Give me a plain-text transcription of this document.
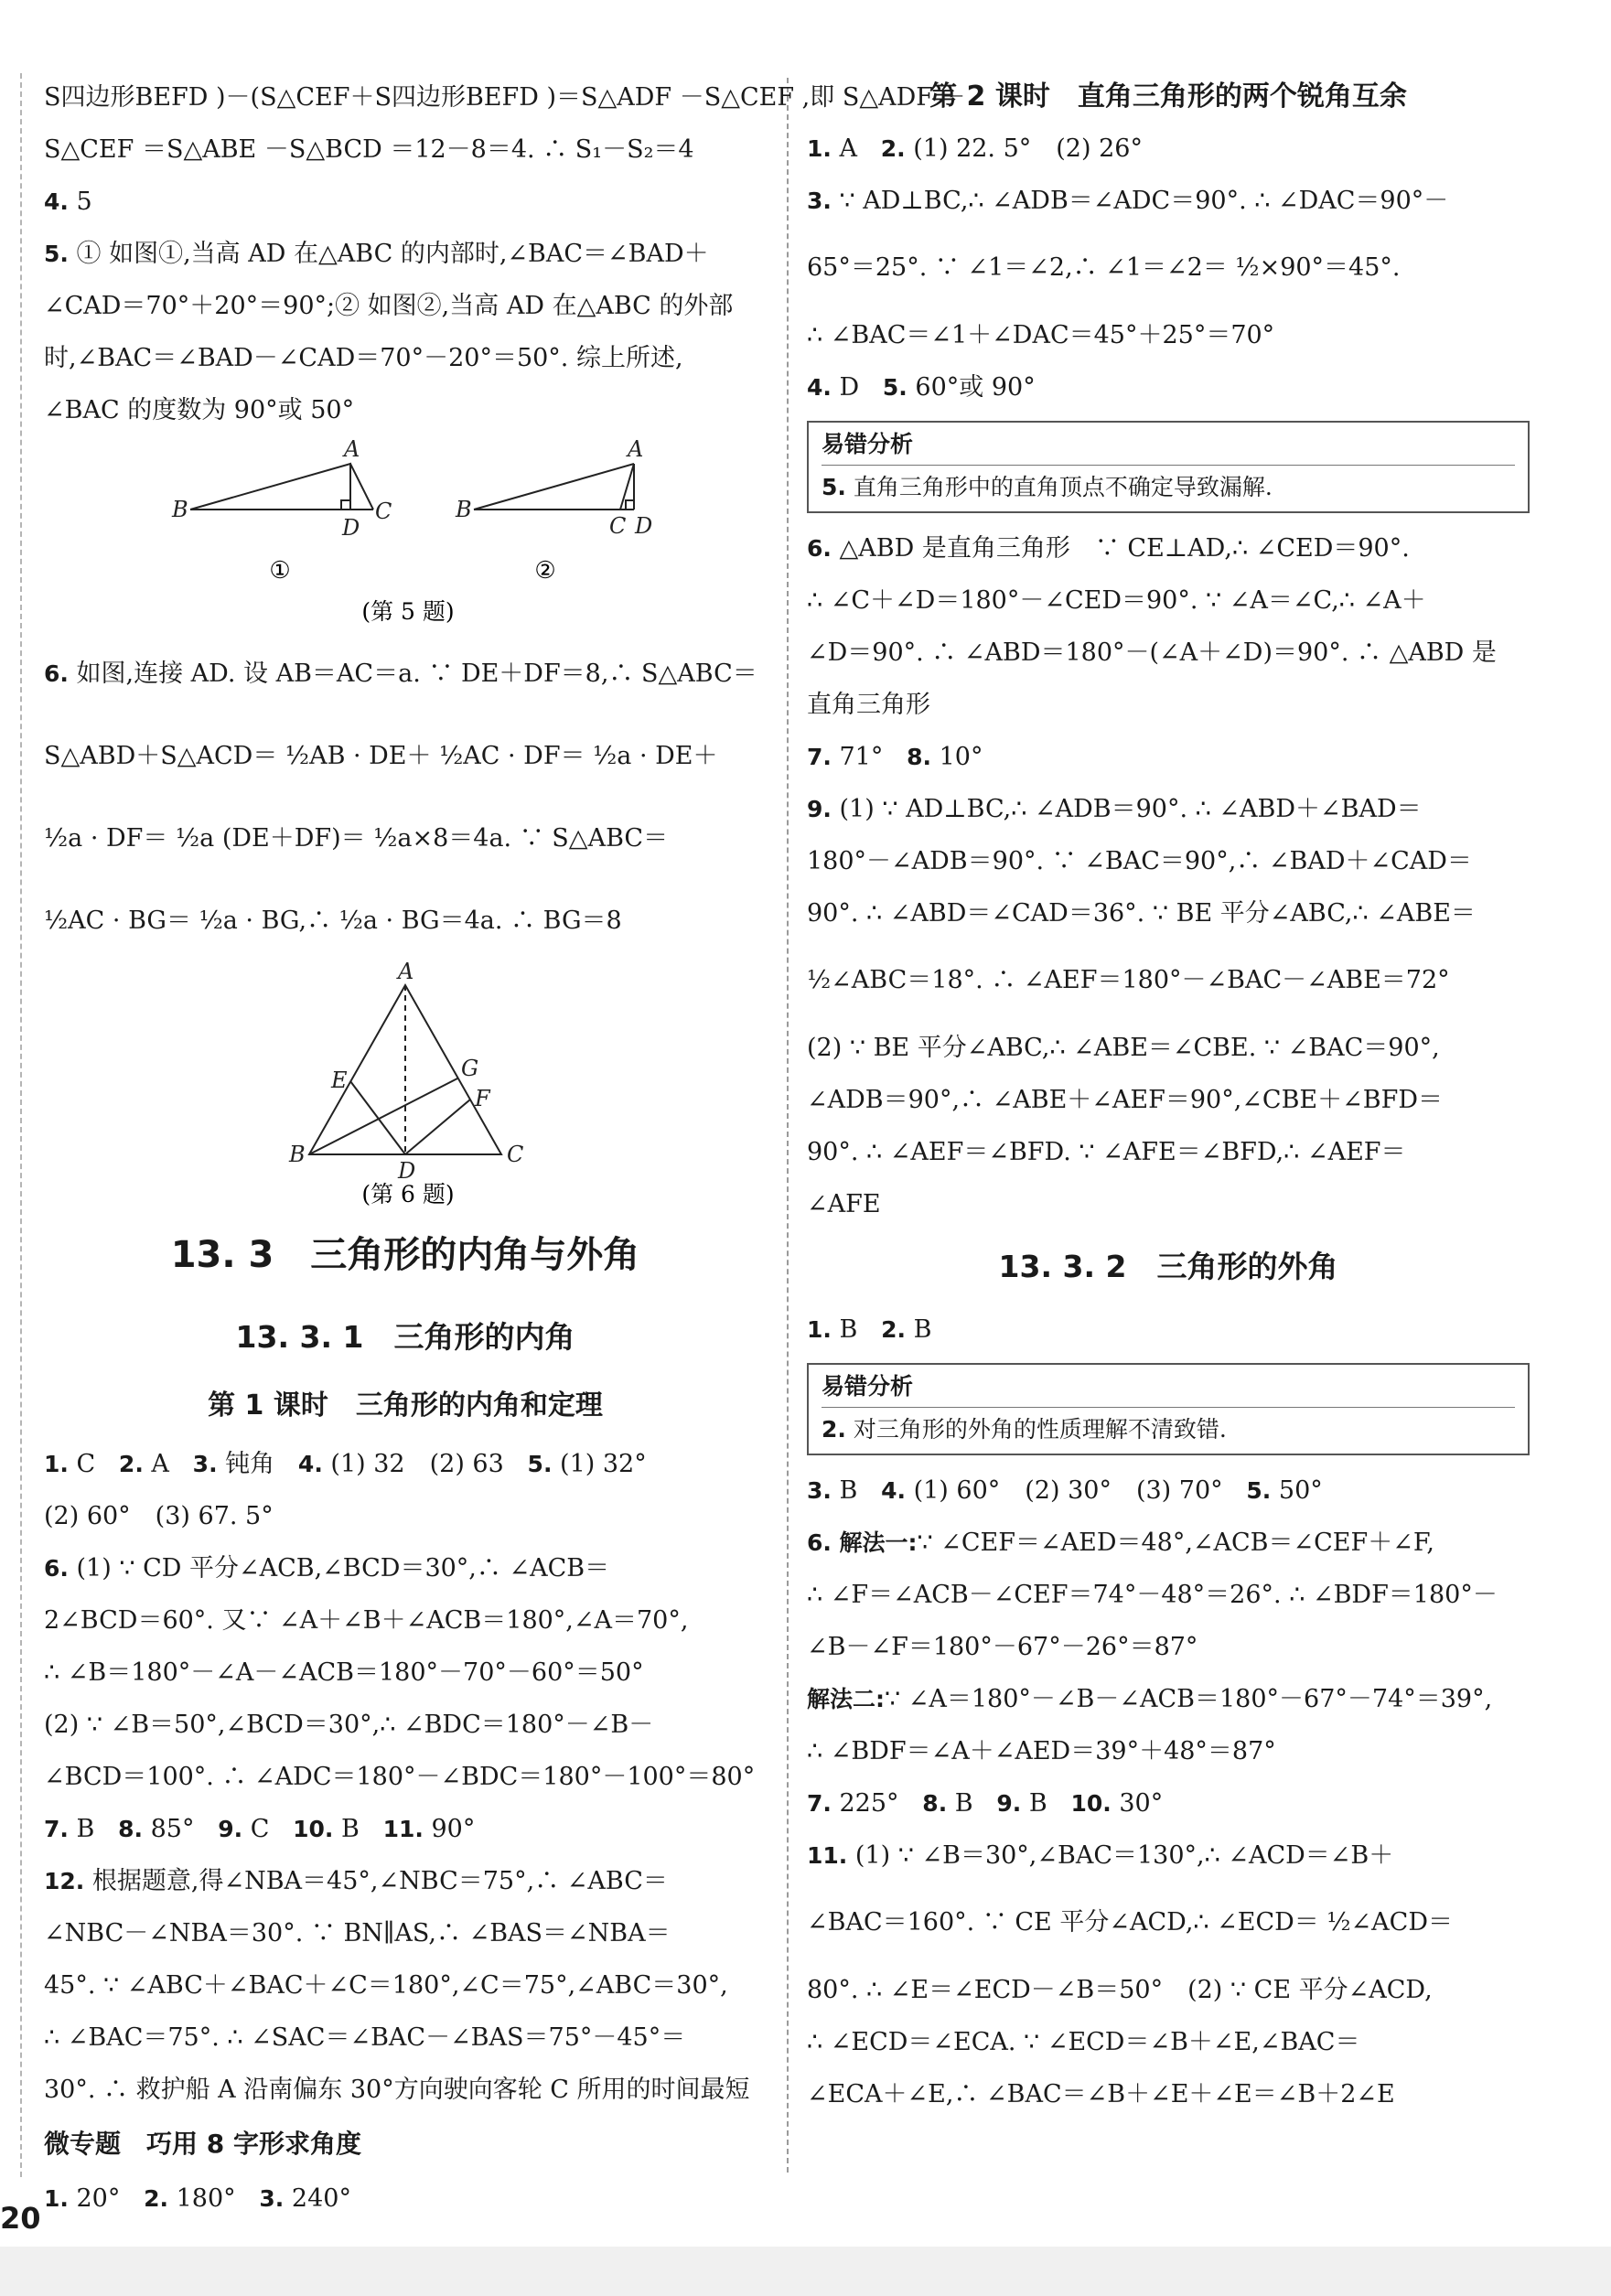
S四边形BEFD )－(S△CEF＋S四边形BEFD )＝S△ADF －S△CEF ,即 S△ADF －
S△CEF ＝S△ABE －S△BCD ＝12－8＝4. ∴ S₁－S₂＝4
4. 5
5. ① 如图①,当高 AD 在△ABC 的内部时,∠BAC＝∠BAD＋
∠CAD＝70°＋20°＝90°;② 如图②,当高 AD 在△ABC 的外部
时,∠BAC＝∠BAD－∠CAD＝70°－20°＝50°. 综上所述,
∠BAC 的度数为 90°或 50°
A
B	C
D
A
B
C D
①	②
(第 5 题)
6. 如图,连接 AD. 设 AB＝AC＝a. ∵ DE＋DF＝8,∴ S△ABC＝
S△ABD＋S△ACD＝ ½AB · DE＋ ½AC · DF＝ ½a · DE＋
½a · DF＝ ½a (DE＋DF)＝ ½a×8＝4a. ∵ S△ABC＝
½AC · BG＝ ½a · BG,∴ ½a · BG＝4a. ∴ BG＝8
A
B	C
D
E
F
G
(第 6 题)
13. 3　三角形的内角与外角
13. 3. 1　三角形的内角
第 1 课时　三角形的内角和定理
1. C 2. A 3. 钝角 4. (1) 32　(2) 63 5. (1) 32°
(2) 60°　(3) 67. 5°
6. (1) ∵ CD 平分∠ACB,∠BCD＝30°,∴ ∠ACB＝
2∠BCD＝60°. 又∵ ∠A＋∠B＋∠ACB＝180°,∠A＝70°,
∴ ∠B＝180°－∠A－∠ACB＝180°－70°－60°＝50°
(2) ∵ ∠B＝50°,∠BCD＝30°,∴ ∠BDC＝180°－∠B－
∠BCD＝100°. ∴ ∠ADC＝180°－∠BDC＝180°－100°＝80°
7. B 8. 85° 9. C 10. B 11. 90°
12. 根据题意,得∠NBA＝45°,∠NBC＝75°,∴ ∠ABC＝
∠NBC－∠NBA＝30°. ∵ BN∥AS,∴ ∠BAS＝∠NBA＝
45°. ∵ ∠ABC＋∠BAC＋∠C＝180°,∠C＝75°,∠ABC＝30°,
∴ ∠BAC＝75°. ∴ ∠SAC＝∠BAC－∠BAS＝75°－45°＝
30°. ∴ 救护船 A 沿南偏东 30°方向驶向客轮 C 所用的时间最短
微专题　巧用 8 字形求角度
1. 20° 2. 180° 3. 240°
第 2 课时　直角三角形的两个锐角互余
1. A 2. (1) 22. 5°　(2) 26°
3. ∵ AD⊥BC,∴ ∠ADB＝∠ADC＝90°. ∴ ∠DAC＝90°－
65°＝25°. ∵ ∠1＝∠2,∴ ∠1＝∠2＝ ½×90°＝45°.
∴ ∠BAC＝∠1＋∠DAC＝45°＋25°＝70°
4. D 5. 60°或 90°
易错分析
5. 直角三角形中的直角顶点不确定导致漏解.
6. △ABD 是直角三角形　∵ CE⊥AD,∴ ∠CED＝90°.
∴ ∠C＋∠D＝180°－∠CED＝90°. ∵ ∠A＝∠C,∴ ∠A＋
∠D＝90°. ∴ ∠ABD＝180°－(∠A＋∠D)＝90°. ∴ △ABD 是
直角三角形
7. 71° 8. 10°
9. (1) ∵ AD⊥BC,∴ ∠ADB＝90°. ∴ ∠ABD＋∠BAD＝
180°－∠ADB＝90°. ∵ ∠BAC＝90°,∴ ∠BAD＋∠CAD＝
90°. ∴ ∠ABD＝∠CAD＝36°. ∵ BE 平分∠ABC,∴ ∠ABE＝
½∠ABC＝18°. ∴ ∠AEF＝180°－∠BAC－∠ABE＝72°
(2) ∵ BE 平分∠ABC,∴ ∠ABE＝∠CBE. ∵ ∠BAC＝90°,
∠ADB＝90°,∴ ∠ABE＋∠AEF＝90°,∠CBE＋∠BFD＝
90°. ∴ ∠AEF＝∠BFD. ∵ ∠AFE＝∠BFD,∴ ∠AEF＝
∠AFE
13. 3. 2　三角形的外角
1. B 2. B
易错分析
2. 对三角形的外角的性质理解不清致错.
3. B 4. (1) 60°　(2) 30°　(3) 70° 5. 50°
6. 解法一:∵ ∠CEF＝∠AED＝48°,∠ACB＝∠CEF＋∠F,
∴ ∠F＝∠ACB－∠CEF＝74°－48°＝26°. ∴ ∠BDF＝180°－
∠B－∠F＝180°－67°－26°＝87°
解法二:∵ ∠A＝180°－∠B－∠ACB＝180°－67°－74°＝39°,
∴ ∠BDF＝∠A＋∠AED＝39°＋48°＝87°
7. 225° 8. B 9. B 10. 30°
11. (1) ∵ ∠B＝30°,∠BAC＝130°,∴ ∠ACD＝∠B＋
∠BAC＝160°. ∵ CE 平分∠ACD,∴ ∠ECD＝ ½∠ACD＝
80°. ∴ ∠E＝∠ECD－∠B＝50°　(2) ∵ CE 平分∠ACD,
∴ ∠ECD＝∠ECA. ∵ ∠ECD＝∠B＋∠E,∠BAC＝
∠ECA＋∠E,∴ ∠BAC＝∠B＋∠E＋∠E＝∠B＋2∠E
20
